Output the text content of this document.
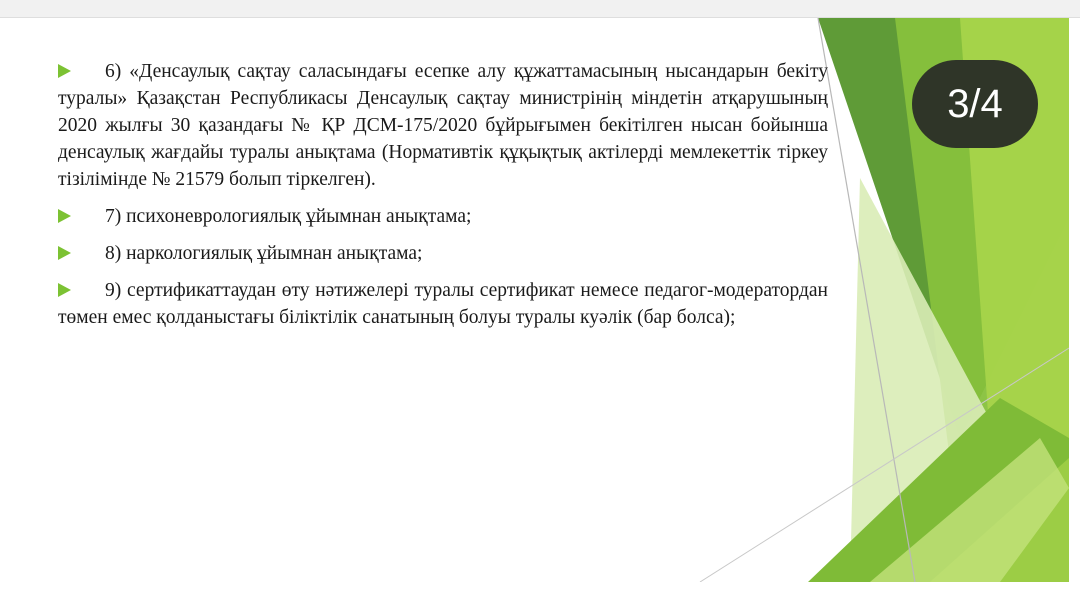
3/4
6) «Денсаулық сақтау саласындағы есепке алу құжаттамасының нысандарын бекіту туралы» Қазақстан Республикасы Денсаулық сақтау министрінің міндетін атқарушының 2020 жылғы 30 қазандағы № ҚР ДСМ-175/2020 бұйрығымен бекітілген нысан бойынша денсаулық жағдайы туралы анықтама (Нормативтік құқықтық актілерді мемлекеттік тіркеу тізілімінде № 21579 болып тіркелген).
7) психоневрологиялық ұйымнан анықтама;
8) наркологиялық ұйымнан анықтама;
9) сертификаттаудан өту нәтижелері туралы сертификат немесе педагог-модератордан төмен емес қолданыстағы біліктілік санатының болуы туралы куәлік (бар болса);
